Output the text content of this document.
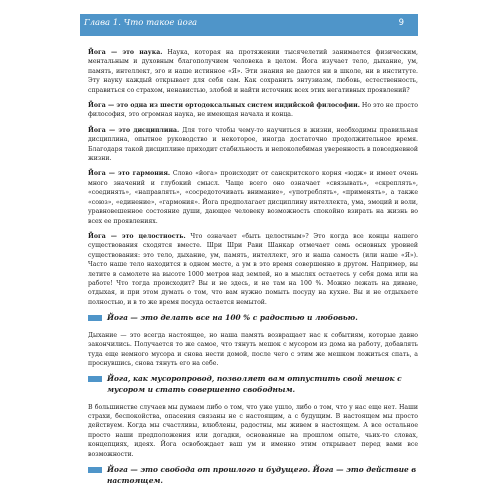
Глава 1. Что такое йога	9

Йога — это наука. Наука, которая на протяжении тысячелетий занимается физическим, ментальным и духовным благополучием человека в целом. Йога изучает тело, дыхание, ум, память, интеллект, эго и наше истинное «Я». Эти знания не даются ни в школе, ни в институте. Эту науку каждый открывает для себя сам. Как сохранить энтузиазм, любовь, естественность, справиться со страхом, ненавистью, злобой и найти источник всех этих негативных проявлений?

Йога — это одна из шести ортодоксальных систем индийской философии. Но это не просто философия, это огромная наука, не имеющая начала и конца.

Йога — это дисциплина. Для того чтобы чему-то научиться в жизни, необходимы правильная дисциплина, опытное руководство и некоторое, иногда достаточно продолжительное время. Благодаря такой дисциплине приходит стабильность и непоколебимая уверенность в повседневной жизни.

Йога — это гармония. Слово «йога» происходит от санскритского корня «юдж» и имеет очень много значений и глубокий смысл. Чаще всего оно означает «связывать», «скреплять», «соединять», «направлять», «сосредоточивать внимание», «употреблять», «применять», а также «союз», «единение», «гармония». Йога предполагает дисциплину интеллекта, ума, эмоций и воли, уравновешенное состояние души, дающее человеку возможность спокойно взирать на жизнь во всех ее проявлениях.

Йога — это целостность. Что означает «быть целостным»? Это когда все концы нашего существования сходятся вместе. Шри Шри Рави Шанкар отмечает семь основных уровней существования: это тело, дыхание, ум, память, интеллект, эго и наша самость (или наше «Я»). Часто наше тело находится в одном месте, а ум в это время совершенно в другом. Например, вы летите в самолете на высоте 1000 метров над землей, но в мыслях остаетесь у себя дома или на работе! Что тогда происходит? Вы и не здесь, и не там на 100 %. Можно лежать на диване, отдыхая, и при этом думать о том, что вам нужно помыть посуду на кухне. Вы и не отдыхаете полностью, и в то же время посуда остается немытой.

Йога — это делать все на 100 % с радостью и любовью.

Дыхание — это всегда настоящее, но наша память возвращает нас к событиям, которые давно закончились. Получается то же самое, что тянуть мешок с мусором из дома на работу, добавлять туда еще немного мусора и снова нести домой, после чего с этим же мешком ложиться спать, а проснувшись, снова тянуть его на себе.

Йога, как мусоропровод, позволяет вам отпустить свой мешок с мусором и стать совершенно свободным.

В большинстве случаев мы думаем либо о том, что уже ушло, либо о том, что у нас еще нет. Наши страхи, беспокойства, опасения связаны не с настоящим, а с будущим. В настоящем мы просто действуем. Когда мы счастливы, влюблены, радостны, мы живем в настоящем. А все остальное просто наши предположения или догадки, основанные на прошлом опыте, чьих-то словах, концепциях, идеях. Йога освобождает ваш ум и именно этим открывает перед вами все возможности.

Йога — это свобода от прошлого и будущего. Йога — это действие в настоящем.
